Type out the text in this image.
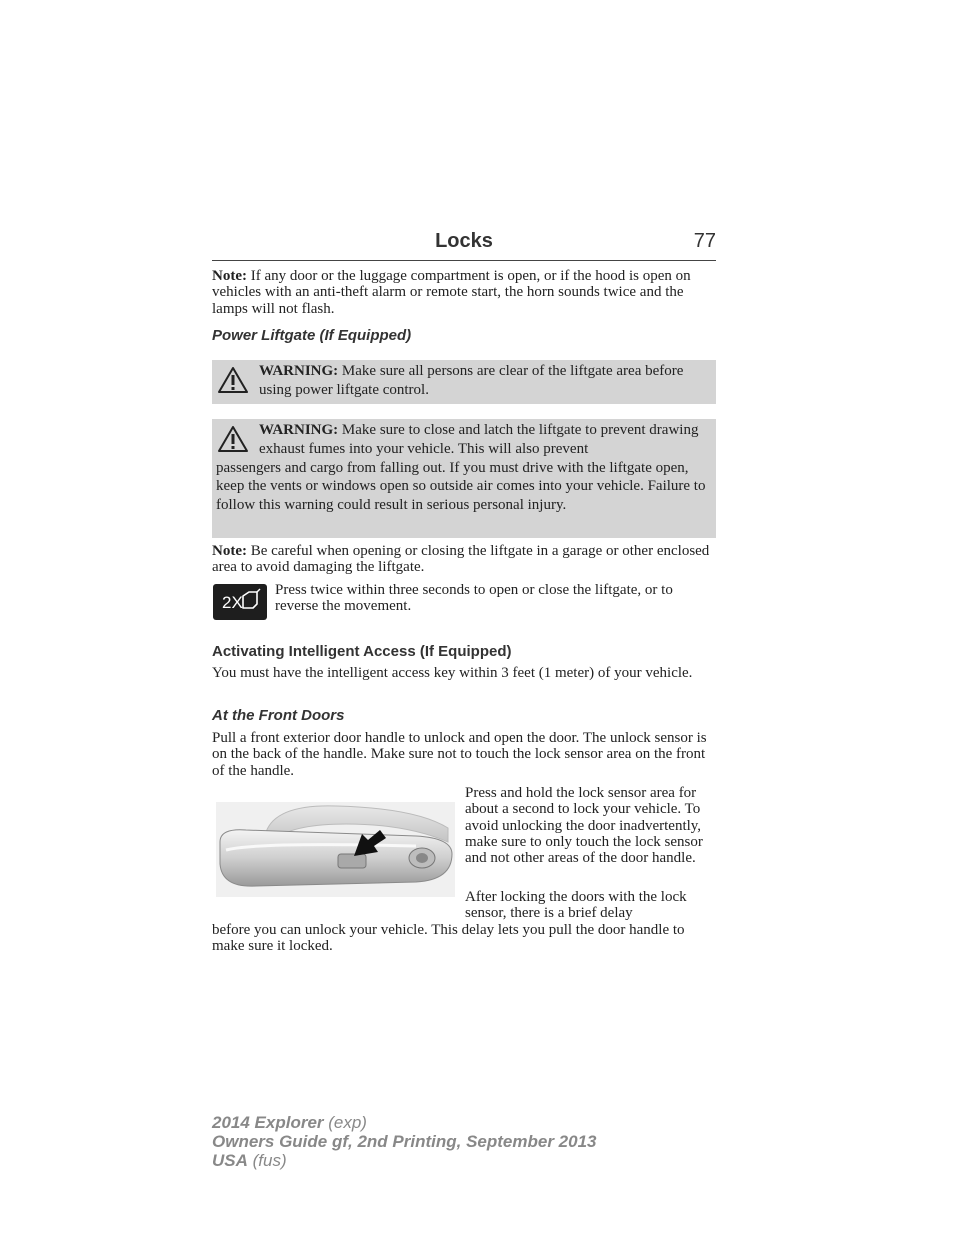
Locks	77

Note: If any door or the luggage compartment is open, or if the hood is open on vehicles with an anti-theft alarm or remote start, the horn sounds twice and the lamps will not flash.

Power Liftgate (If Equipped)

WARNING: Make sure all persons are clear of the liftgate area before using power liftgate control.
WARNING: Make sure to close and latch the liftgate to prevent drawing exhaust fumes into your vehicle. This will also prevent
passengers and cargo from falling out. If you must drive with the liftgate open, keep the vents or windows open so outside air comes into your vehicle. Failure to follow this warning could result in serious personal injury.

Note: Be careful when opening or closing the liftgate in a garage or other enclosed area to avoid damaging the liftgate.

2X

Press twice within three seconds to open or close the liftgate, or to reverse the movement.

Activating Intelligent Access (If Equipped)

You must have the intelligent access key within 3 feet (1 meter) of your vehicle.

At the Front Doors

Pull a front exterior door handle to unlock and open the door. The unlock sensor is on the back of the handle. Make sure not to touch the lock sensor area on the front of the handle.

Press and hold the lock sensor area for about a second to lock your vehicle. To avoid unlocking the door inadvertently, make sure to only touch the lock sensor and not other areas of the door handle.

After locking the doors with the lock sensor, there is a brief delay

before you can unlock your vehicle. This delay lets you pull the door handle to make sure it locked.

2014 Explorer (exp)
Owners Guide gf, 2nd Printing, September 2013
USA (fus)
